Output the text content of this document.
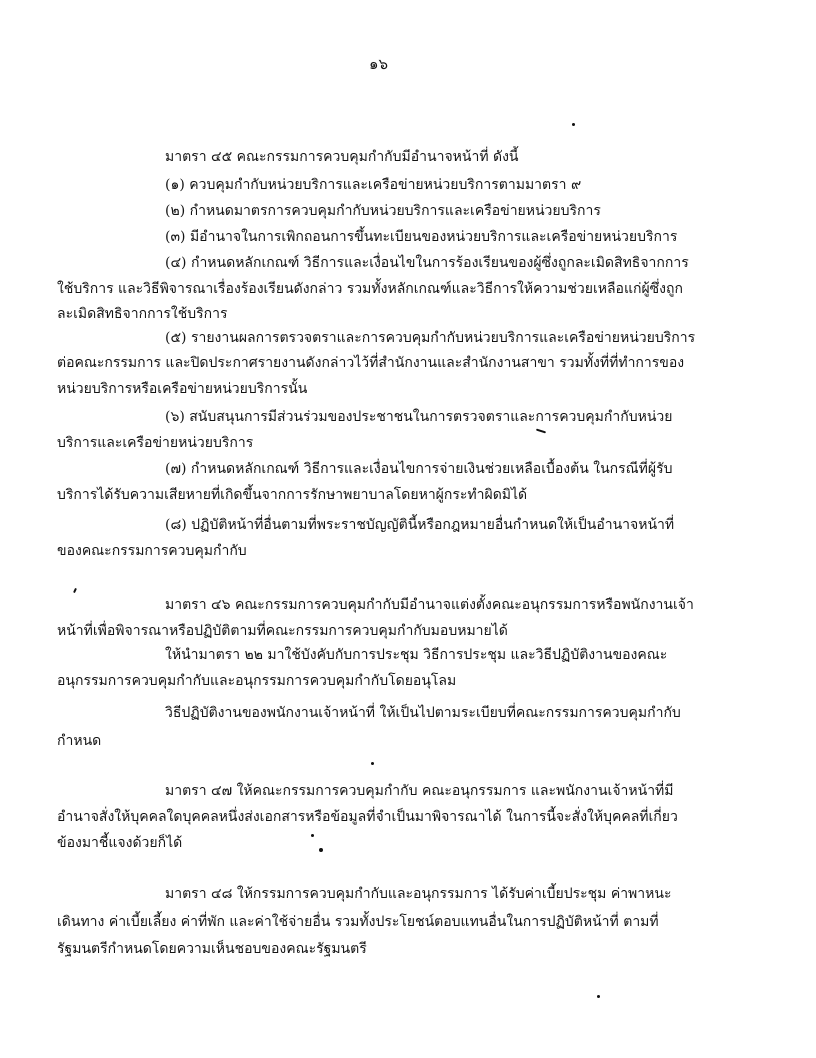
๑๖
มาตรา ๔๕ คณะกรรมการควบคุมกำกับมีอำนาจหน้าที่ ดังนี้
(๑) ควบคุมกำกับหน่วยบริการและเครือข่ายหน่วยบริการตามมาตรา ๙
(๒) กำหนดมาตรการควบคุมกำกับหน่วยบริการและเครือข่ายหน่วยบริการ
(๓) มีอำนาจในการเพิกถอนการขึ้นทะเบียนของหน่วยบริการและเครือข่ายหน่วยบริการ
(๔) กำหนดหลักเกณฑ์ วิธีการและเงื่อนไขในการร้องเรียนของผู้ซึ่งถูกละเมิดสิทธิจากการ
ใช้บริการ และวิธีพิจารณาเรื่องร้องเรียนดังกล่าว รวมทั้งหลักเกณฑ์และวิธีการให้ความช่วยเหลือแก่ผู้ซึ่งถูก
ละเมิดสิทธิจากการใช้บริการ
(๕) รายงานผลการตรวจตราและการควบคุมกำกับหน่วยบริการและเครือข่ายหน่วยบริการ
ต่อคณะกรรมการ และปิดประกาศรายงานดังกล่าวไว้ที่สำนักงานและสำนักงานสาขา รวมทั้งที่ที่ทำการของ
หน่วยบริการหรือเครือข่ายหน่วยบริการนั้น
(๖) สนับสนุนการมีส่วนร่วมของประชาชนในการตรวจตราและการควบคุมกำกับหน่วย
บริการและเครือข่ายหน่วยบริการ
(๗) กำหนดหลักเกณฑ์ วิธีการและเงื่อนไขการจ่ายเงินช่วยเหลือเบื้องต้น ในกรณีที่ผู้รับ
บริการได้รับความเสียหายที่เกิดขึ้นจากการรักษาพยาบาลโดยหาผู้กระทำผิดมิได้
(๘) ปฏิบัติหน้าที่อื่นตามที่พระราชบัญญัตินี้หรือกฎหมายอื่นกำหนดให้เป็นอำนาจหน้าที่
ของคณะกรรมการควบคุมกำกับ
มาตรา ๔๖ คณะกรรมการควบคุมกำกับมีอำนาจแต่งตั้งคณะอนุกรรมการหรือพนักงานเจ้า
หน้าที่เพื่อพิจารณาหรือปฏิบัติตามที่คณะกรรมการควบคุมกำกับมอบหมายได้
ให้นำมาตรา ๒๒ มาใช้บังคับกับการประชุม วิธีการประชุม และวิธีปฏิบัติงานของคณะ
อนุกรรมการควบคุมกำกับและอนุกรรมการควบคุมกำกับโดยอนุโลม
วิธีปฏิบัติงานของพนักงานเจ้าหน้าที่ ให้เป็นไปตามระเบียบที่คณะกรรมการควบคุมกำกับ
กำหนด
มาตรา ๔๗ ให้คณะกรรมการควบคุมกำกับ คณะอนุกรรมการ และพนักงานเจ้าหน้าที่มี
อำนาจสั่งให้บุคคลใดบุคคลหนึ่งส่งเอกสารหรือข้อมูลที่จำเป็นมาพิจารณาได้ ในการนี้จะสั่งให้บุคคลที่เกี่ยว
ข้องมาชี้แจงด้วยก็ได้
มาตรา ๔๘ ให้กรรมการควบคุมกำกับและอนุกรรมการ ได้รับค่าเบี้ยประชุม ค่าพาหนะ
เดินทาง ค่าเบี้ยเลี้ยง ค่าที่พัก และค่าใช้จ่ายอื่น รวมทั้งประโยชน์ตอบแทนอื่นในการปฏิบัติหน้าที่ ตามที่
รัฐมนตรีกำหนดโดยความเห็นชอบของคณะรัฐมนตรี
